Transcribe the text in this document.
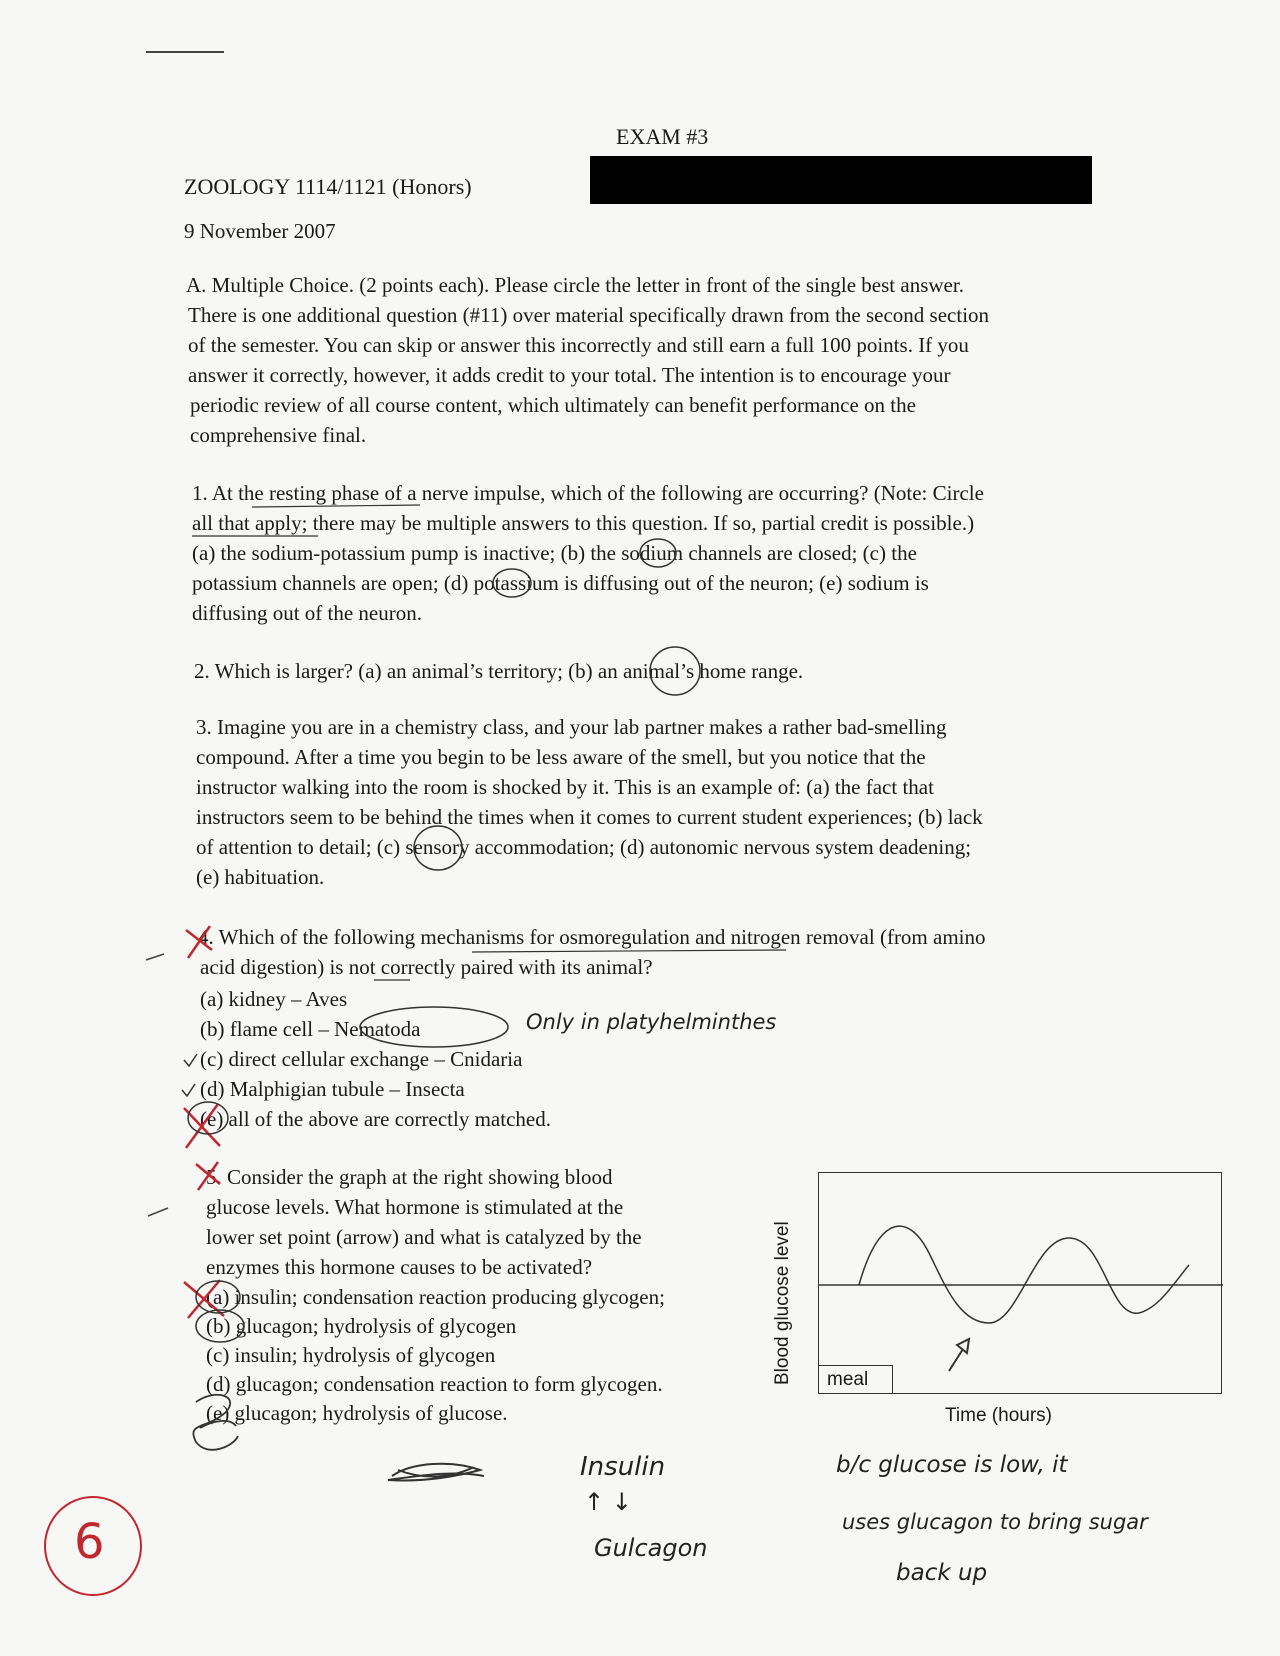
EXAM #3
ZOOLOGY 1114/1121 (Honors)
9 November 2007
A. Multiple Choice. (2 points each). Please circle the letter in front of the single best answer.
There is one additional question (#11) over material specifically drawn from the second section
of the semester. You can skip or answer this incorrectly and still earn a full 100 points. If you
answer it correctly, however, it adds credit to your total. The intention is to encourage your
periodic review of all course content, which ultimately can benefit performance on the
comprehensive final.
1. At the resting phase of a nerve impulse, which of the following are occurring? (Note: Circle
all that apply; there may be multiple answers to this question. If so, partial credit is possible.)
(a) the sodium-potassium pump is inactive; (b) the sodium channels are closed; (c) the
potassium channels are open; (d) potassium is diffusing out of the neuron; (e) sodium is
diffusing out of the neuron.
2. Which is larger? (a) an animal’s territory; (b) an animal’s home range.
3. Imagine you are in a chemistry class, and your lab partner makes a rather bad-smelling
compound. After a time you begin to be less aware of the smell, but you notice that the
instructor walking into the room is shocked by it. This is an example of: (a) the fact that
instructors seem to be behind the times when it comes to current student experiences; (b) lack
of attention to detail; (c) sensory accommodation; (d) autonomic nervous system deadening;
(e) habituation.
4. Which of the following mechanisms for osmoregulation and nitrogen removal (from amino
acid digestion) is not correctly paired with its animal?
(a) kidney – Aves
(b) flame cell – Nematoda
(c) direct cellular exchange – Cnidaria
(d) Malphigian tubule – Insecta
(e) all of the above are correctly matched.
Only in platyhelminthes
5. Consider the graph at the right showing blood
glucose levels. What hormone is stimulated at the
lower set point (arrow) and what is catalyzed by the
enzymes this hormone causes to be activated?
(a) insulin; condensation reaction producing glycogen;
(b) glucagon; hydrolysis of glycogen
(c) insulin; hydrolysis of glycogen
(d) glucagon; condensation reaction to form glycogen.
(e) glucagon; hydrolysis of glucose.
Blood glucose level	meal
Time (hours)
Insulin
↑ ↓
Gulcagon
b/c glucose is low, it
uses glucagon to bring sugar
back up
6
